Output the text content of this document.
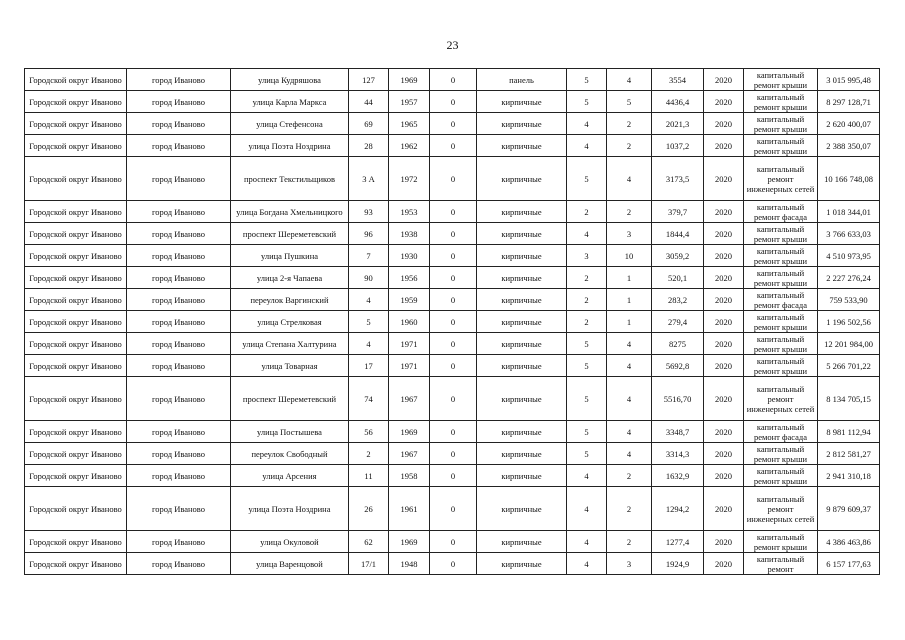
23
Городской округ Иваново	город Иваново	улица Кудряшова	127	1969	0	панель	5	4	3554	2020	капитальный ремонт крыши	3 015 995,48
Городской округ Иваново	город Иваново	улица Карла Маркса	44	1957	0	кирпичные	5	5	4436,4	2020	капитальный ремонт крыши	8 297 128,71
Городской округ Иваново	город Иваново	улица Стефенсона	69	1965	0	кирпичные	4	2	2021,3	2020	капитальный ремонт крыши	2 620 400,07
Городской округ Иваново	город Иваново	улица Поэта Ноздрина	28	1962	0	кирпичные	4	2	1037,2	2020	капитальный ремонт крыши	2 388 350,07
Городской округ Иваново	город Иваново	проспект Текстильщиков	3 А	1972	0	кирпичные	5	4	3173,5	2020	капитальный ремонт инженерных сетей	10 166 748,08
Городской округ Иваново	город Иваново	улица Богдана Хмельницкого	93	1953	0	кирпичные	2	2	379,7	2020	капитальный ремонт фасада	1 018 344,01
Городской округ Иваново	город Иваново	проспект Шереметевский	96	1938	0	кирпичные	4	3	1844,4	2020	капитальный ремонт крыши	3 766 633,03
Городской округ Иваново	город Иваново	улица Пушкина	7	1930	0	кирпичные	3	10	3059,2	2020	капитальный ремонт крыши	4 510 973,95
Городской округ Иваново	город Иваново	улица 2-я Чапаева	90	1956	0	кирпичные	2	1	520,1	2020	капитальный ремонт крыши	2 227 276,24
Городской округ Иваново	город Иваново	переулок Варгинский	4	1959	0	кирпичные	2	1	283,2	2020	капитальный ремонт фасада	759 533,90
Городской округ Иваново	город Иваново	улица Стрелковая	5	1960	0	кирпичные	2	1	279,4	2020	капитальный ремонт крыши	1 196 502,56
Городской округ Иваново	город Иваново	улица Степана Халтурина	4	1971	0	кирпичные	5	4	8275	2020	капитальный ремонт крыши	12 201 984,00
Городской округ Иваново	город Иваново	улица Товарная	17	1971	0	кирпичные	5	4	5692,8	2020	капитальный ремонт крыши	5 266 701,22
Городской округ Иваново	город Иваново	проспект Шереметевский	74	1967	0	кирпичные	5	4	5516,70	2020	капитальный ремонт инженерных сетей	8 134 705,15
Городской округ Иваново	город Иваново	улица Постышева	56	1969	0	кирпичные	5	4	3348,7	2020	капитальный ремонт фасада	8 981 112,94
Городской округ Иваново	город Иваново	переулок Свободный	2	1967	0	кирпичные	5	4	3314,3	2020	капитальный ремонт крыши	2 812 581,27
Городской округ Иваново	город Иваново	улица Арсения	11	1958	0	кирпичные	4	2	1632,9	2020	капитальный ремонт крыши	2 941 310,18
Городской округ Иваново	город Иваново	улица Поэта Ноздрина	26	1961	0	кирпичные	4	2	1294,2	2020	капитальный ремонт инженерных сетей	9 879 609,37
Городской округ Иваново	город Иваново	улица Окуловой	62	1969	0	кирпичные	4	2	1277,4	2020	капитальный ремонт крыши	4 386 463,86
Городской округ Иваново	город Иваново	улица Варенцовой	17/1	1948	0	кирпичные	4	3	1924,9	2020	капитальный ремонт	6 157 177,63
